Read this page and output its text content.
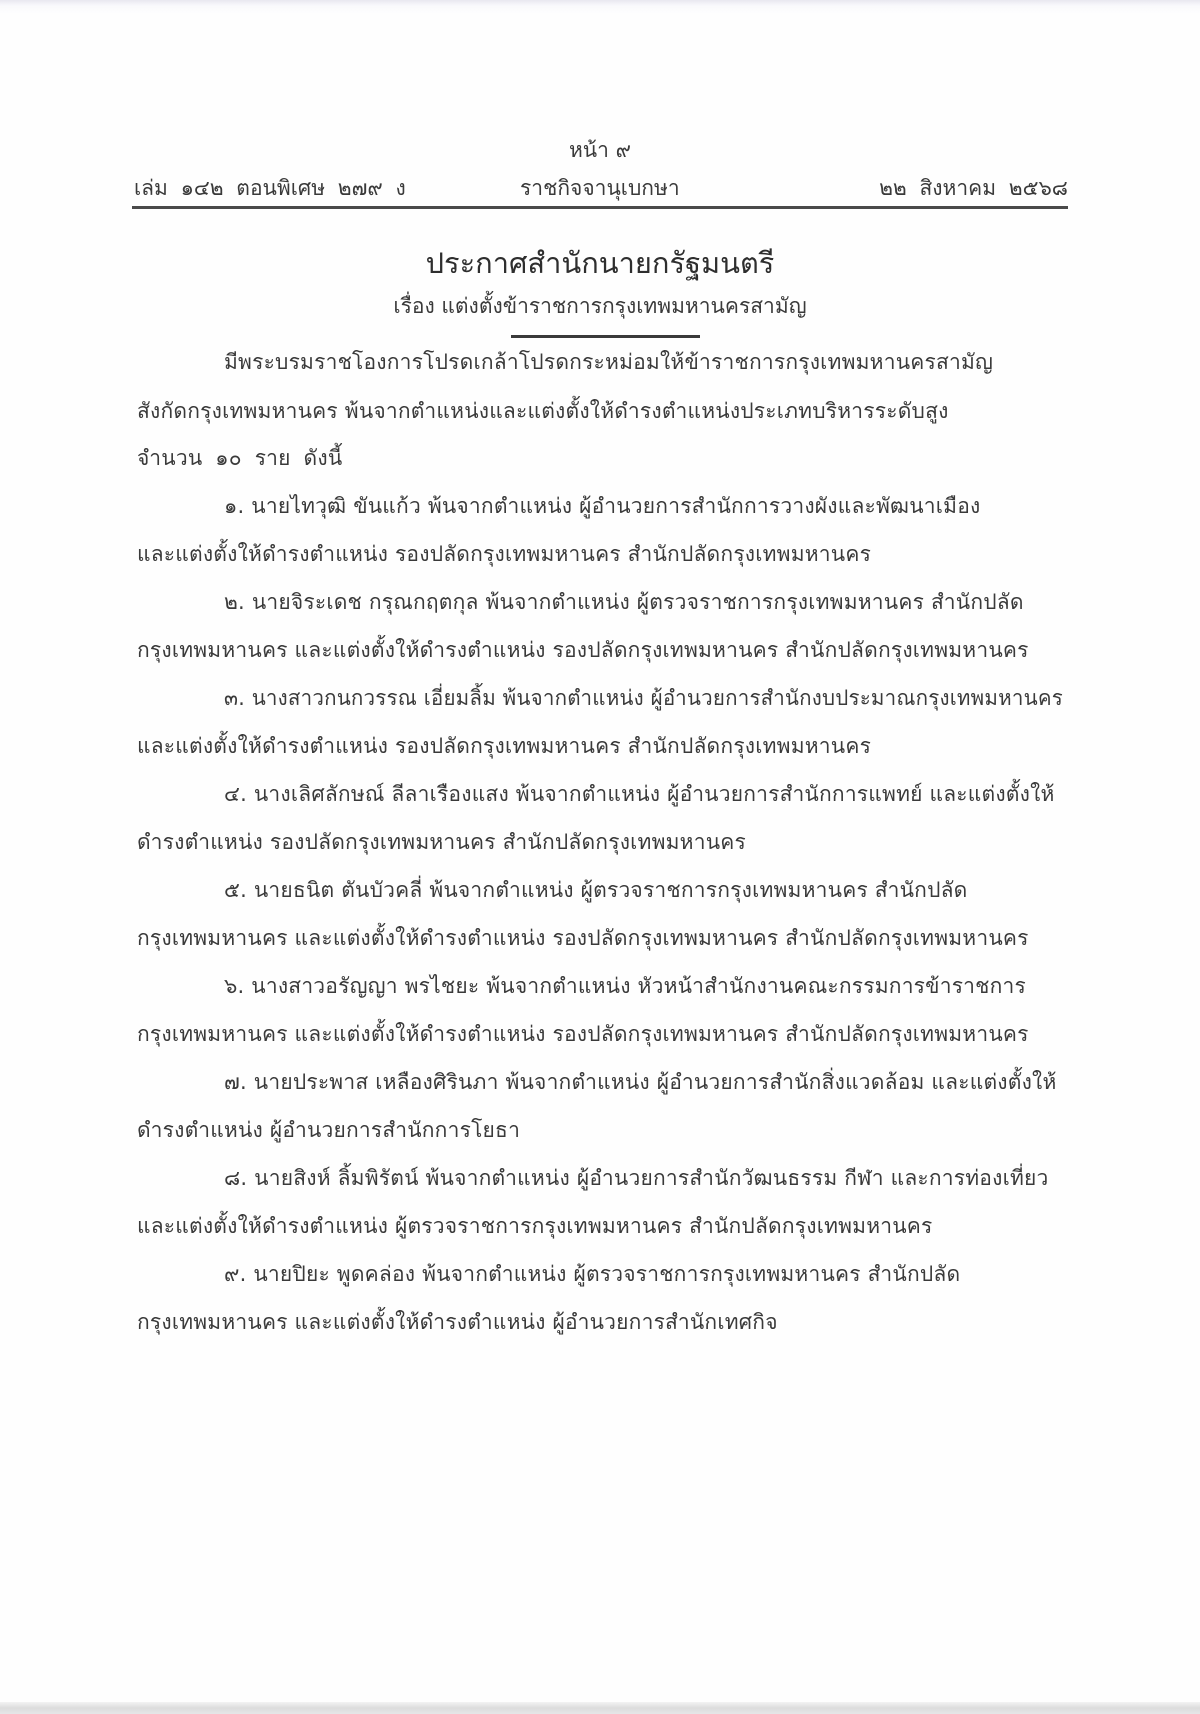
หน้า ๙
เล่ม ๑๔๒ ตอนพิเศษ ๒๗๙ ง	ราชกิจจานุเบกษา	๒๒ สิงหาคม ๒๕๖๘
ประกาศสำนักนายกรัฐมนตรี
เรื่อง แต่งตั้งข้าราชการกรุงเทพมหานครสามัญ
มีพระบรมราชโองการโปรดเกล้าโปรดกระหม่อมให้ข้าราชการกรุงเทพมหานครสามัญ
สังกัดกรุงเทพมหานคร พ้นจากตำแหน่งและแต่งตั้งให้ดำรงตำแหน่งประเภทบริหารระดับสูง
จำนวน ๑๐ ราย ดังนี้
๑. นายไทวุฒิ ขันแก้ว พ้นจากตำแหน่ง ผู้อำนวยการสำนักการวางผังและพัฒนาเมือง
และแต่งตั้งให้ดำรงตำแหน่ง รองปลัดกรุงเทพมหานคร สำนักปลัดกรุงเทพมหานคร
๒. นายจิระเดช กรุณกฤตกุล พ้นจากตำแหน่ง ผู้ตรวจราชการกรุงเทพมหานคร สำนักปลัด
กรุงเทพมหานคร และแต่งตั้งให้ดำรงตำแหน่ง รองปลัดกรุงเทพมหานคร สำนักปลัดกรุงเทพมหานคร
๓. นางสาวกนกวรรณ เอี่ยมลิ้ม พ้นจากตำแหน่ง ผู้อำนวยการสำนักงบประมาณกรุงเทพมหานคร
และแต่งตั้งให้ดำรงตำแหน่ง รองปลัดกรุงเทพมหานคร สำนักปลัดกรุงเทพมหานคร
๔. นางเลิศลักษณ์ ลีลาเรืองแสง พ้นจากตำแหน่ง ผู้อำนวยการสำนักการแพทย์ และแต่งตั้งให้
ดำรงตำแหน่ง รองปลัดกรุงเทพมหานคร สำนักปลัดกรุงเทพมหานคร
๕. นายธนิต ตันบัวคลี่ พ้นจากตำแหน่ง ผู้ตรวจราชการกรุงเทพมหานคร สำนักปลัด
กรุงเทพมหานคร และแต่งตั้งให้ดำรงตำแหน่ง รองปลัดกรุงเทพมหานคร สำนักปลัดกรุงเทพมหานคร
๖. นางสาวอรัญญา พรไชยะ พ้นจากตำแหน่ง หัวหน้าสำนักงานคณะกรรมการข้าราชการ
กรุงเทพมหานคร และแต่งตั้งให้ดำรงตำแหน่ง รองปลัดกรุงเทพมหานคร สำนักปลัดกรุงเทพมหานคร
๗. นายประพาส เหลืองศิรินภา พ้นจากตำแหน่ง ผู้อำนวยการสำนักสิ่งแวดล้อม และแต่งตั้งให้
ดำรงตำแหน่ง ผู้อำนวยการสำนักการโยธา
๘. นายสิงห์ ลิ้มพิรัตน์ พ้นจากตำแหน่ง ผู้อำนวยการสำนักวัฒนธรรม กีฬา และการท่องเที่ยว
และแต่งตั้งให้ดำรงตำแหน่ง ผู้ตรวจราชการกรุงเทพมหานคร สำนักปลัดกรุงเทพมหานคร
๙. นายปิยะ พูดคล่อง พ้นจากตำแหน่ง ผู้ตรวจราชการกรุงเทพมหานคร สำนักปลัด
กรุงเทพมหานคร และแต่งตั้งให้ดำรงตำแหน่ง ผู้อำนวยการสำนักเทศกิจ
